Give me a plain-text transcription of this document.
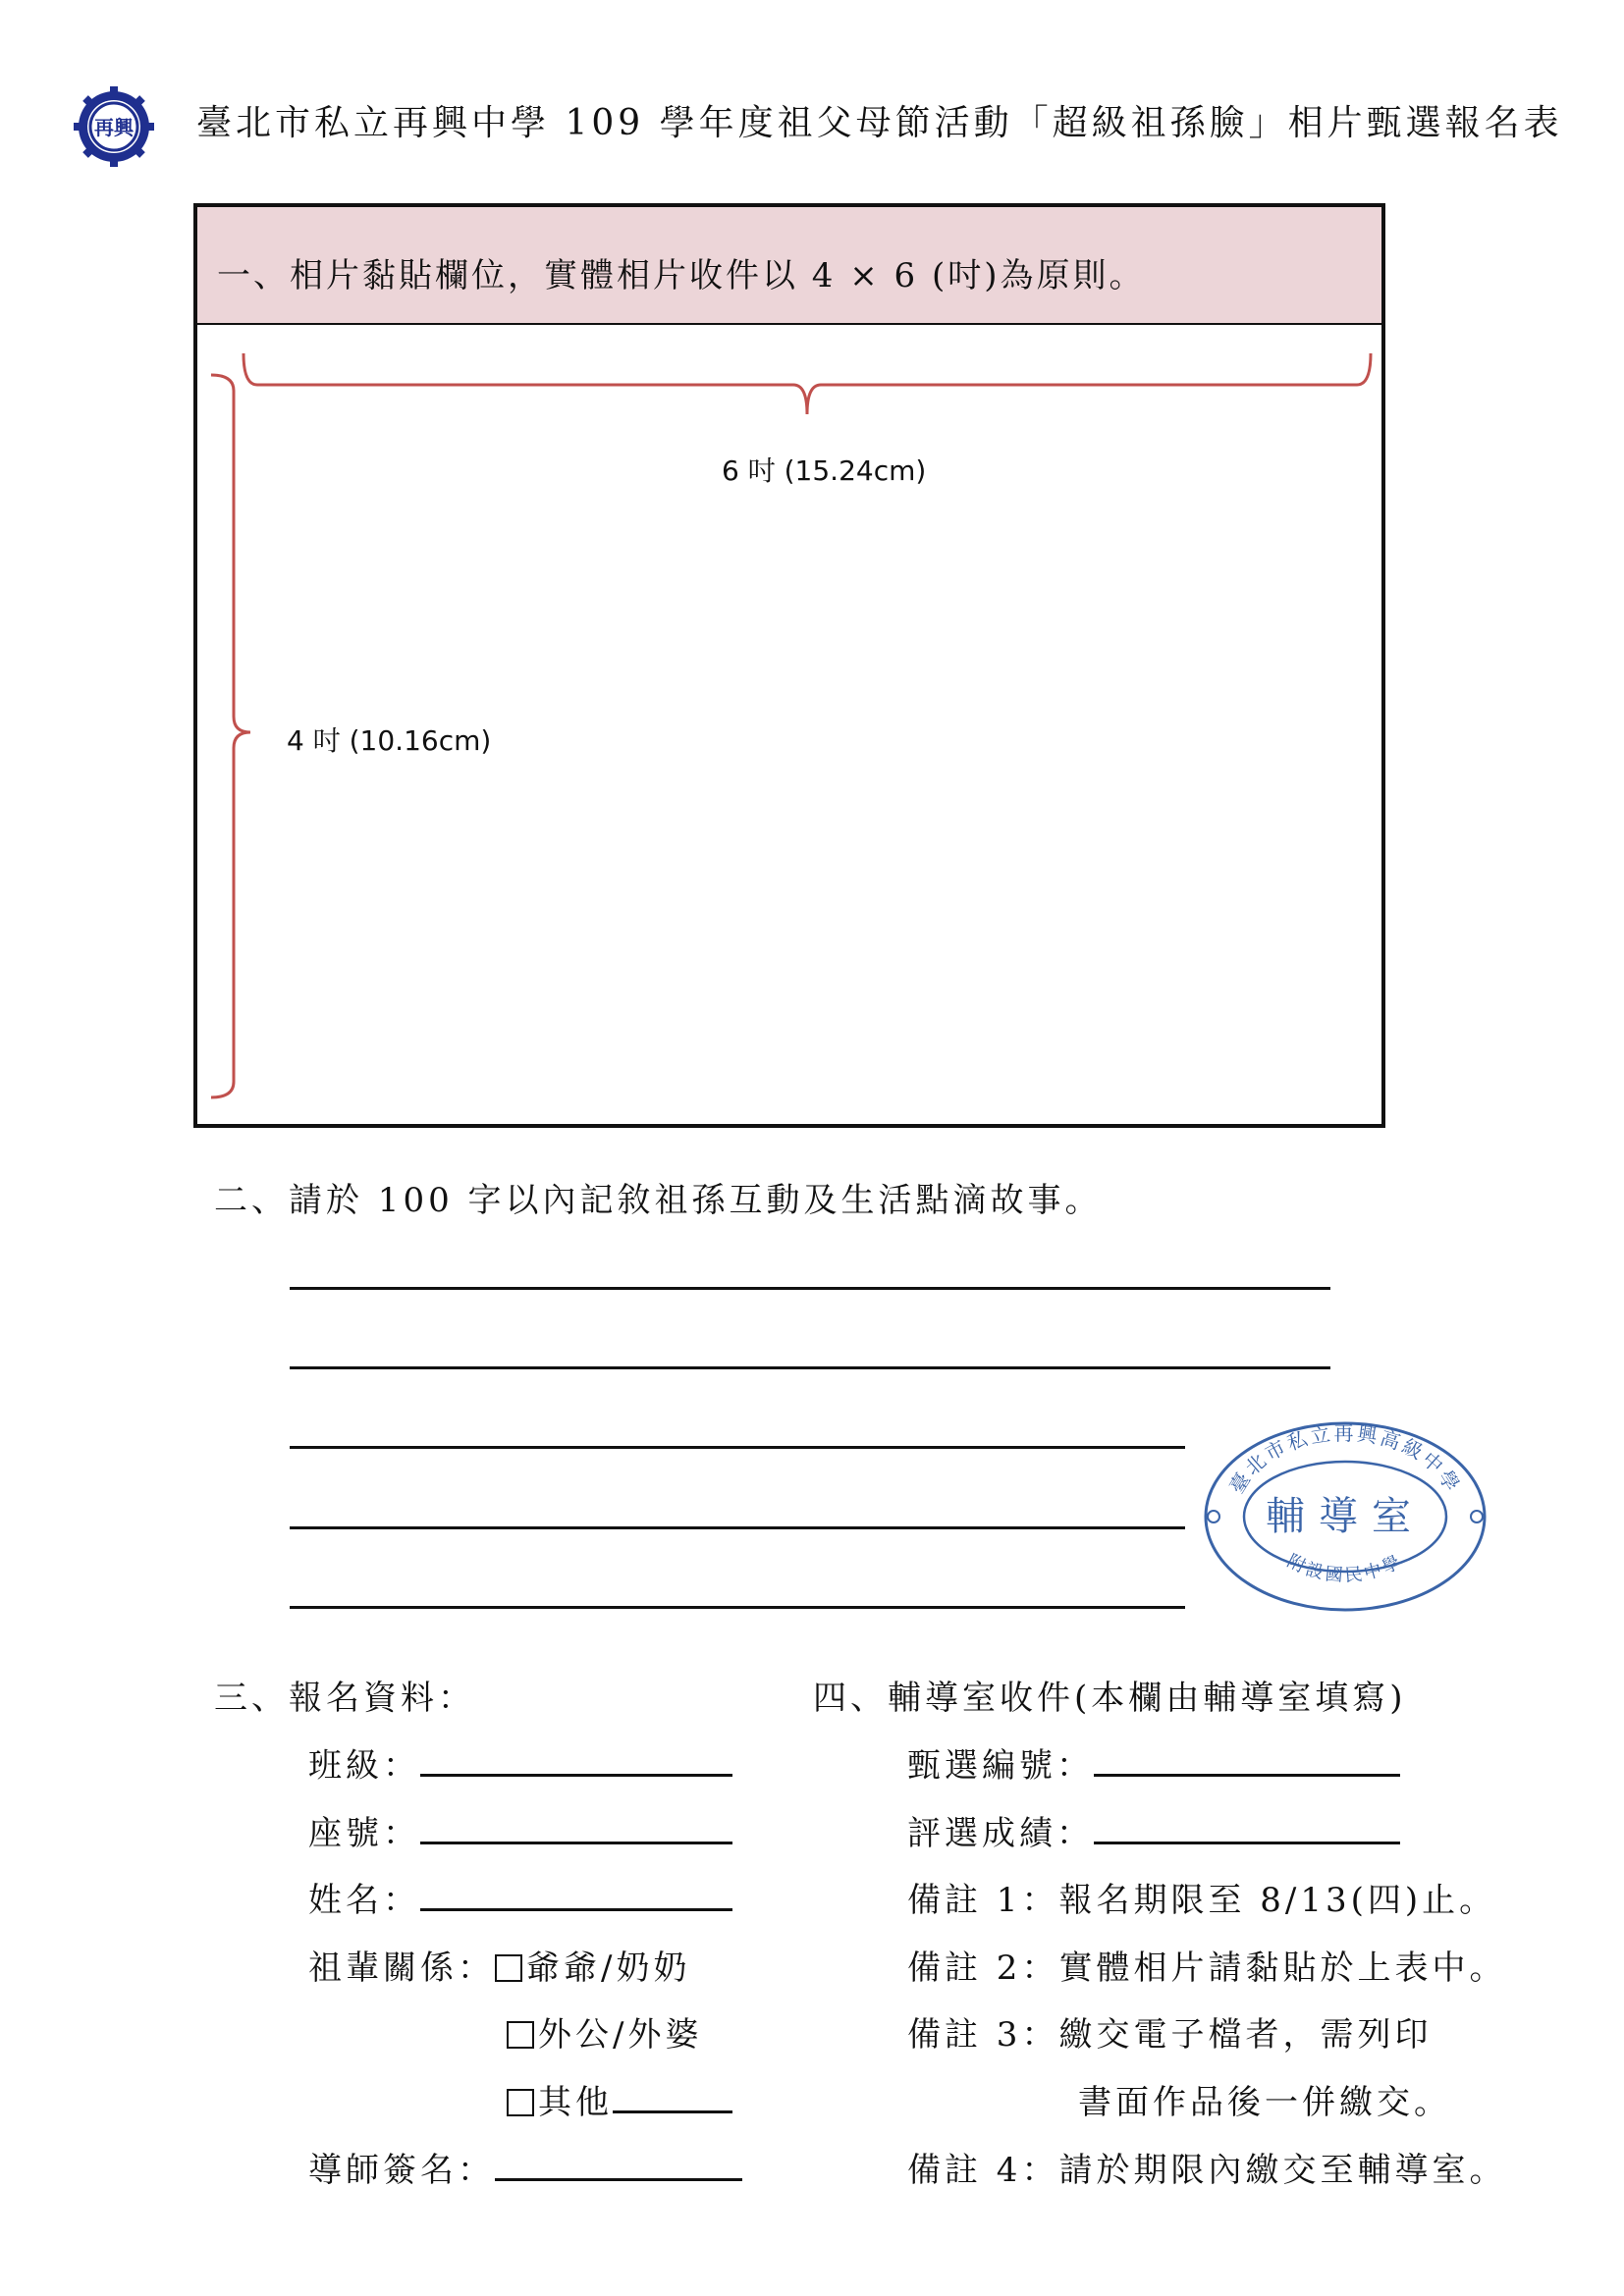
再興 臺北市私立再興中學 109 學年度祖父母節活動「超級祖孫臉」相片甄選報名表
一、相片黏貼欄位，實體相片收件以 4 × 6 (吋)為原則。
6 吋 (15.24cm)
4 吋 (10.16cm)
二、請於 100 字以內記敘祖孫互動及生活點滴故事。
臺北市私立再興高級中學
附設國民中學
輔導室
三、報名資料：
班級：
座號：
姓名：
祖輩關係： 爺爺/奶奶
外公/外婆
其他
導師簽名：
四、輔導室收件(本欄由輔導室填寫)
甄選編號：
評選成績：
備註 1：報名期限至 8/13(四)止。
備註 2：實體相片請黏貼於上表中。
備註 3：繳交電子檔者，需列印
書面作品後一併繳交。
備註 4：請於期限內繳交至輔導室。
